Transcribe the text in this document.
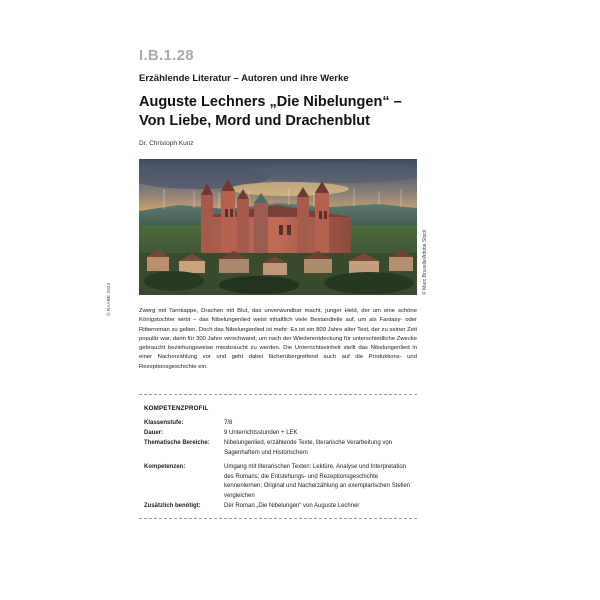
I.B.1.28
Erzählende Literatur – Autoren und ihre Werke
Auguste Lechners „Die Nibelungen“ –
Von Liebe, Mord und Drachenblut
Dr. Christoph Kunz
© Marc Bruxelle/Adobe Stock
© RAABE 2023	Zwerg mit Tarnkappe, Drachen mit Blut, das unverwundbar macht, junger Held, der um eine schöne Königstochter wirbt – das Nibelungenlied weist inhaltlich viele Bestandteile auf, um als Fantasy- oder Ritterroman zu gelten. Doch das Nibelungenlied ist mehr: Es ist ein 800 Jahre alter Text, der zu seiner Zeit populär war, dann für 300 Jahre verschwand, um nach der Wiederentdeckung für unterschiedliche Zwecke gebraucht beziehungsweise missbraucht zu werden. Die Unterrichtseinheit stellt das Nibelungenlied in einer Nacherzählung vor und geht dabei fächerübergreifend auch auf die Produktions- und Rezeptionsgeschichte ein.

KOMPETENZPROFIL
Klassenstufe:	7/8
Dauer:	9 Unterrichtsstunden + LEK
Thematische Bereiche:	Nibelungenlied, erzählende Texte, literarische Verarbeitung von Sagenhaftem und Historischem
Kompetenzen:	Umgang mit literarischen Texten: Lektüre, Analyse und Interpretation des Romans; die Entstehungs- und Rezeptionsgeschichte kennenlernen; Original und Nacherzählung an exemplarischen Stellen vergleichen
Zusätzlich benötigt:	Der Roman „Die Nibelungen“ von Auguste Lechner
